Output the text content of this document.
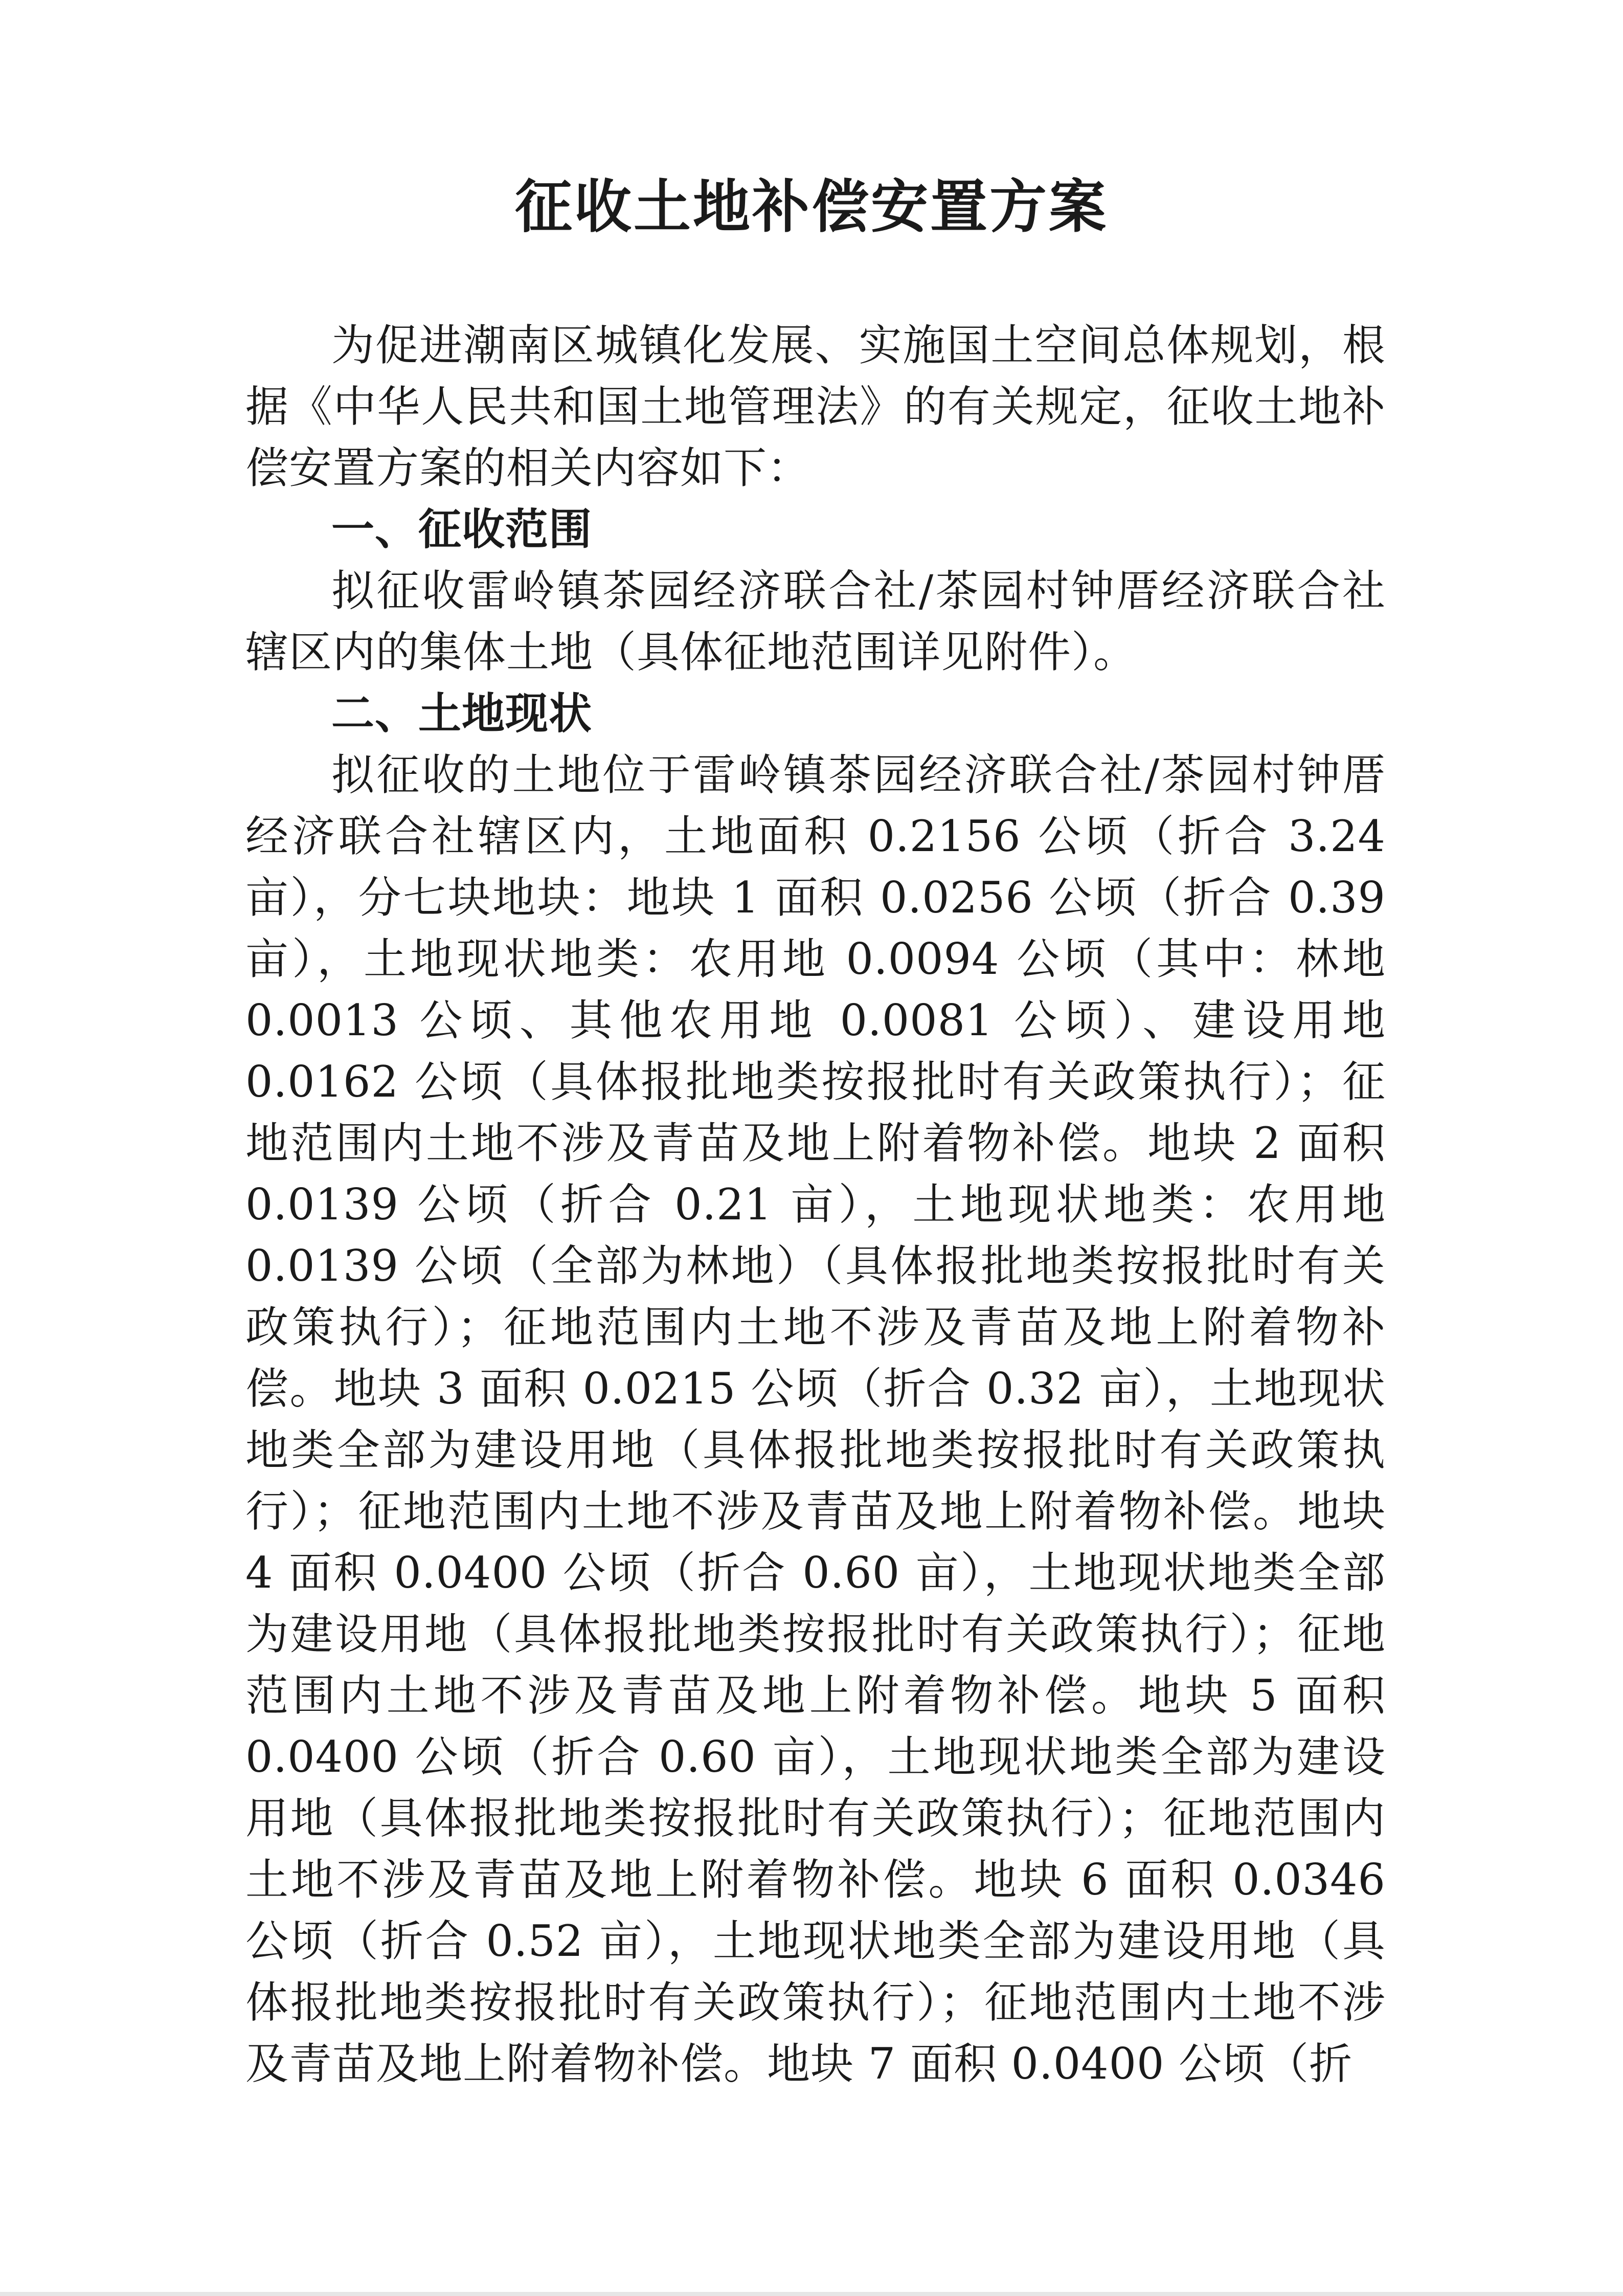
征收土地补偿安置方案

为促进潮南区城镇化发展、实施国土空间总体规划，根据《中华人民共和国土地管理法》的有关规定，征收土地补偿安置方案的相关内容如下：

一、征收范围

拟征收雷岭镇茶园经济联合社/茶园村钟厝经济联合社辖区内的集体土地（具体征地范围详见附件）。

二、土地现状

拟征收的土地位于雷岭镇茶园经济联合社/茶园村钟厝经济联合社辖区内，土地面积 0.2156 公顷（折合 3.24 亩），分七块地块：地块 1 面积 0.0256 公顷（折合 0.39 亩），土地现状地类：农用地 0.0094 公顷（其中：林地 0.0013 公顷、其他农用地 0.0081 公顷）、建设用地 0.0162 公顷（具体报批地类按报批时有关政策执行）；征地范围内土地不涉及青苗及地上附着物补偿。地块 2 面积 0.0139 公顷（折合 0.21 亩），土地现状地类：农用地 0.0139 公顷（全部为林地）（具体报批地类按报批时有关政策执行）；征地范围内土地不涉及青苗及地上附着物补偿。地块 3 面积 0.0215 公顷（折合 0.32 亩），土地现状地类全部为建设用地（具体报批地类按报批时有关政策执行）；征地范围内土地不涉及青苗及地上附着物补偿。地块 4 面积 0.0400 公顷（折合 0.60 亩），土地现状地类全部为建设用地（具体报批地类按报批时有关政策执行）；征地范围内土地不涉及青苗及地上附着物补偿。地块 5 面积 0.0400 公顷（折合 0.60 亩），土地现状地类全部为建设用地（具体报批地类按报批时有关政策执行）；征地范围内土地不涉及青苗及地上附着物补偿。地块 6 面积 0.0346 公顷（折合 0.52 亩），土地现状地类全部为建设用地（具体报批地类按报批时有关政策执行）；征地范围内土地不涉及青苗及地上附着物补偿。地块 7 面积 0.0400 公顷（折
